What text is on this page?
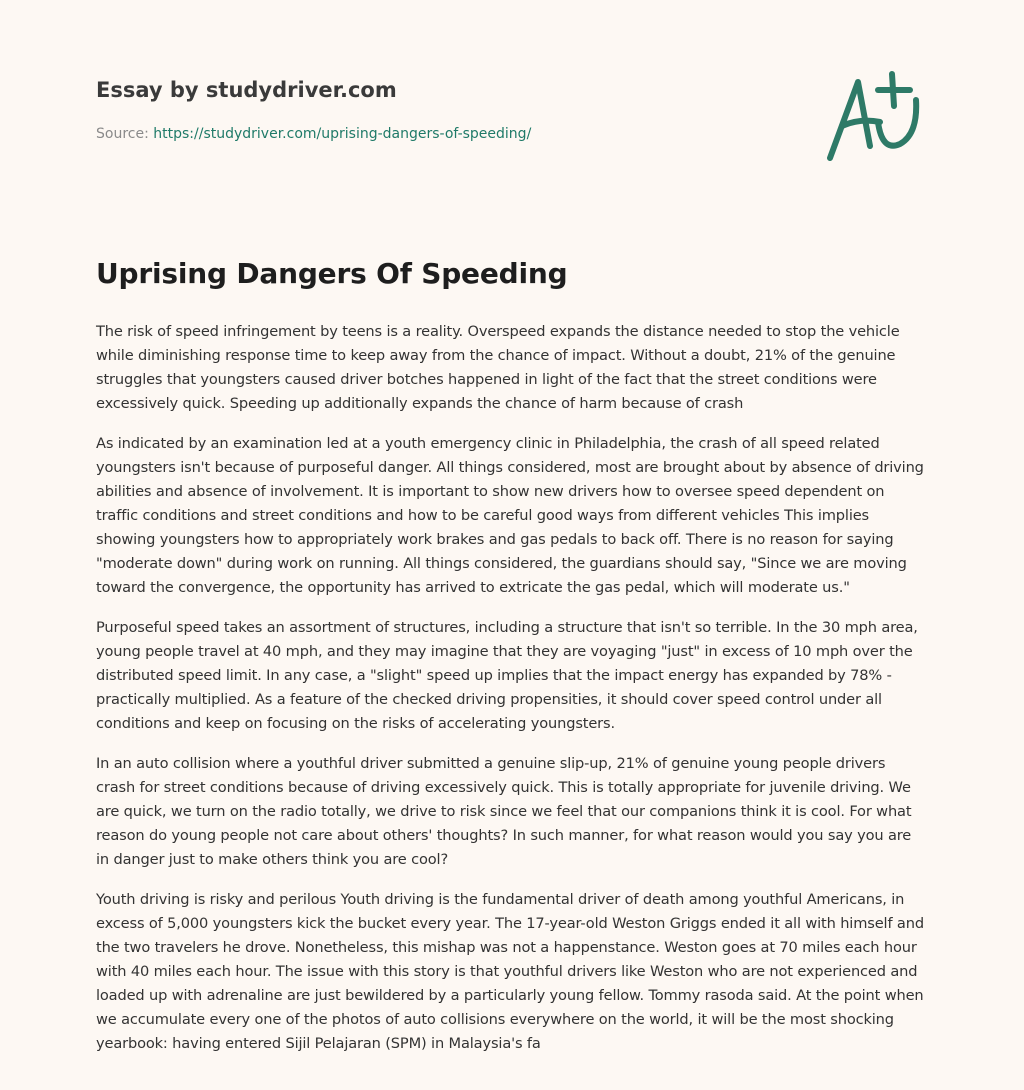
Essay by studydriver.com
Source: https://studydriver.com/uprising-dangers-of-speeding/
Uprising Dangers Of Speeding

The risk of speed infringement by teens is a reality. Overspeed expands the distance needed to stop the vehicle while diminishing response time to keep away from the chance of impact. Without a doubt, 21% of the genuine struggles that youngsters caused driver botches happened in light of the fact that the street conditions were excessively quick. Speeding up additionally expands the chance of harm because of crash

As indicated by an examination led at a youth emergency clinic in Philadelphia, the crash of all speed related youngsters isn't because of purposeful danger. All things considered, most are brought about by absence of driving abilities and absence of involvement. It is important to show new drivers how to oversee speed dependent on traffic conditions and street conditions and how to be careful good ways from different vehicles This implies showing youngsters how to appropriately work brakes and gas pedals to back off. There is no reason for saying "moderate down" during work on running. All things considered, the guardians should say, "Since we are moving toward the convergence, the opportunity has arrived to extricate the gas pedal, which will moderate us."

Purposeful speed takes an assortment of structures, including a structure that isn't so terrible. In the 30 mph area, young people travel at 40 mph, and they may imagine that they are voyaging "just" in excess of 10 mph over the distributed speed limit. In any case, a "slight" speed up implies that the impact energy has expanded by 78% - practically multiplied. As a feature of the checked driving propensities, it should cover speed control under all conditions and keep on focusing on the risks of accelerating youngsters.

In an auto collision where a youthful driver submitted a genuine slip-up, 21% of genuine young people drivers crash for street conditions because of driving excessively quick. This is totally appropriate for juvenile driving. We are quick, we turn on the radio totally, we drive to risk since we feel that our companions think it is cool. For what reason do young people not care about others' thoughts? In such manner, for what reason would you say you are in danger just to make others think you are cool?

Youth driving is risky and perilous Youth driving is the fundamental driver of death among youthful Americans, in excess of 5,000 youngsters kick the bucket every year. The 17-year-old Weston Griggs ended it all with himself and the two travelers he drove. Nonetheless, this mishap was not a happenstance. Weston goes at 70 miles each hour with 40 miles each hour. The issue with this story is that youthful drivers like Weston who are not experienced and loaded up with adrenaline are just bewildered by a particularly young fellow. Tommy rasoda said. At the point when we accumulate every one of the photos of auto collisions everywhere on the world, it will be the most shocking yearbook: having entered Sijil Pelajaran (SPM) in Malaysia's fa
